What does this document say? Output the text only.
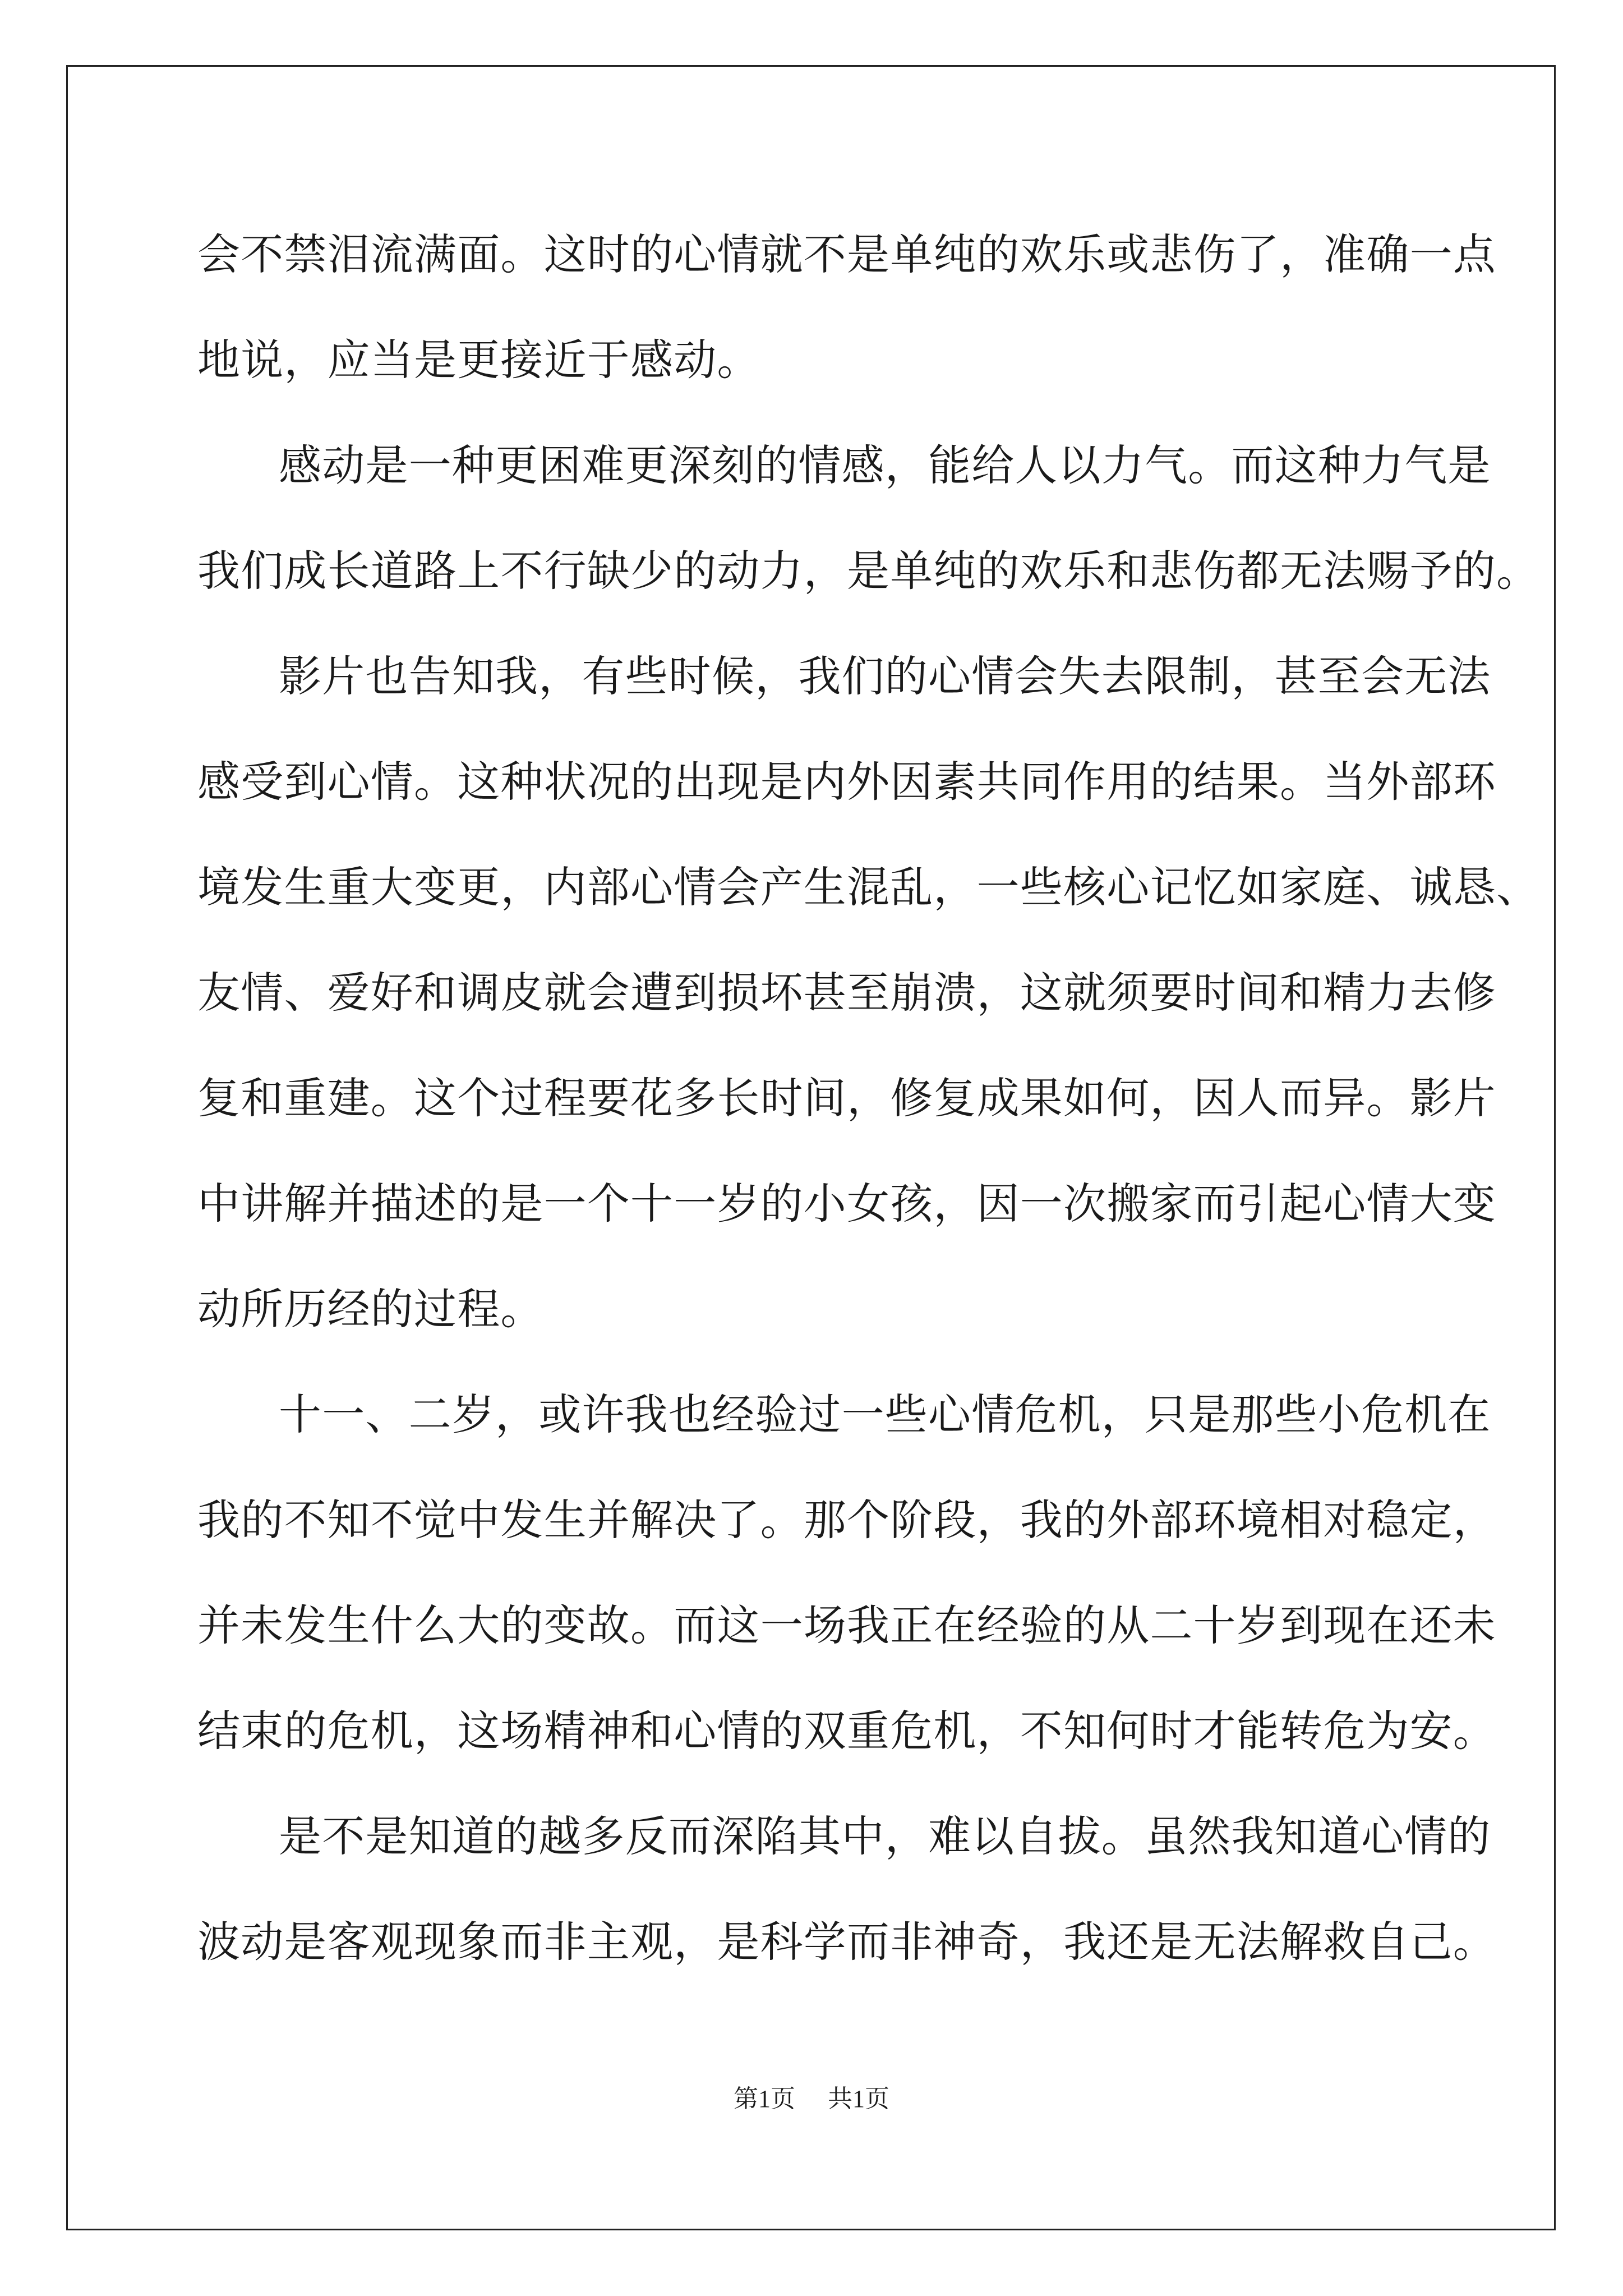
会不禁泪流满面。这时的心情就不是单纯的欢乐或悲伤了，准确一点
地说，应当是更接近于感动。
感动是一种更困难更深刻的情感，能给人以力气。而这种力气是
我们成长道路上不行缺少的动力，是单纯的欢乐和悲伤都无法赐予的。
影片也告知我，有些时候，我们的心情会失去限制，甚至会无法
感受到心情。这种状况的出现是内外因素共同作用的结果。当外部环
境发生重大变更，内部心情会产生混乱，一些核心记忆如家庭、诚恳、
友情、爱好和调皮就会遭到损坏甚至崩溃，这就须要时间和精力去修
复和重建。这个过程要花多长时间，修复成果如何，因人而异。影片
中讲解并描述的是一个十一岁的小女孩，因一次搬家而引起心情大变
动所历经的过程。
十一、二岁，或许我也经验过一些心情危机，只是那些小危机在
我的不知不觉中发生并解决了。那个阶段，我的外部环境相对稳定，
并未发生什么大的变故。而这一场我正在经验的从二十岁到现在还未
结束的危机，这场精神和心情的双重危机，不知何时才能转危为安。
是不是知道的越多反而深陷其中，难以自拔。虽然我知道心情的
波动是客观现象而非主观，是科学而非神奇，我还是无法解救自己。
第1页 共1页
